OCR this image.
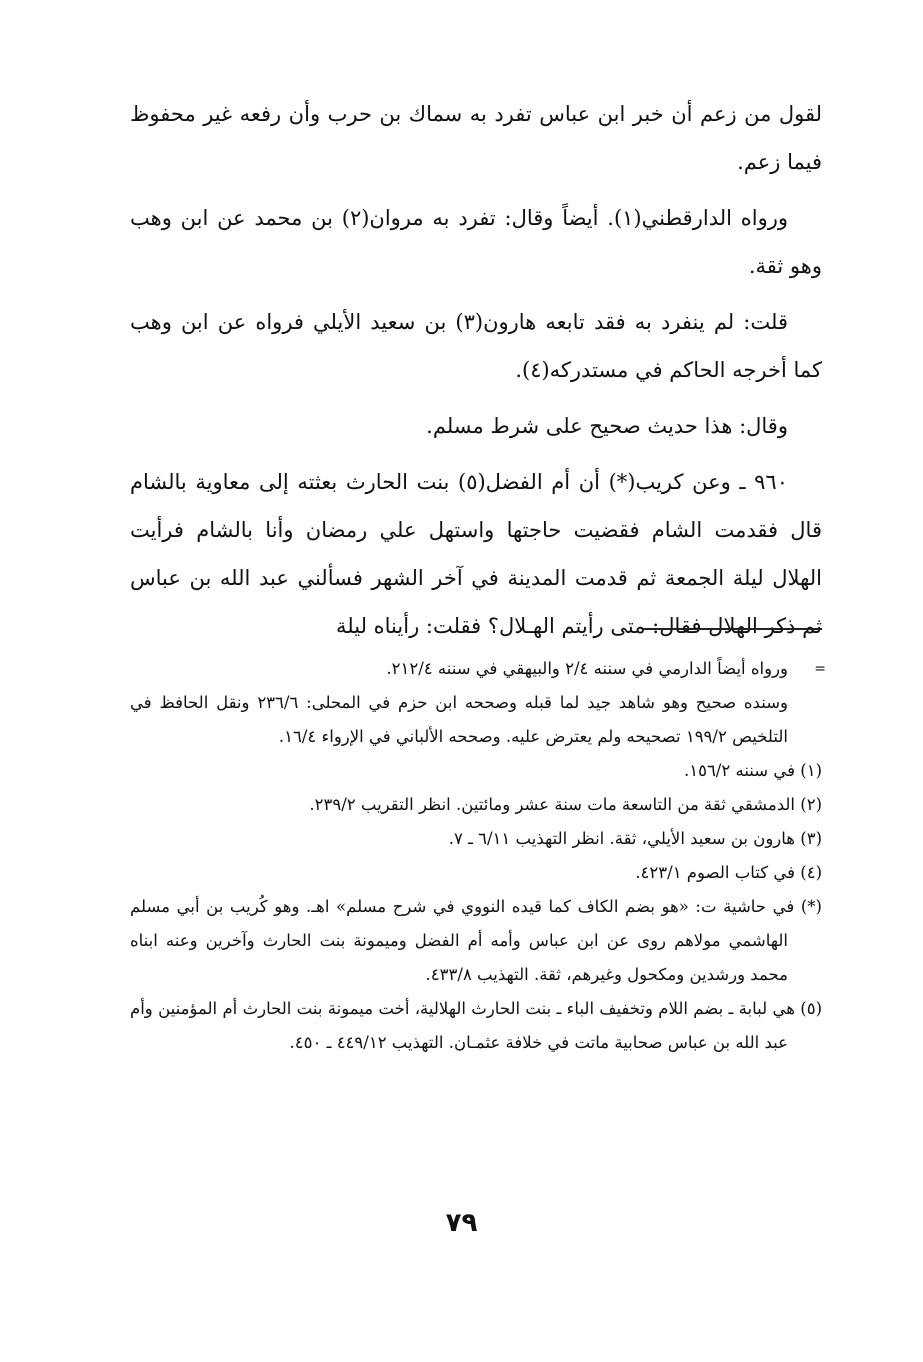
لقول من زعم أن خبر ابن عباس تفرد به سماك بن حرب وأن رفعه غير محفوظ فيما زعم.

ورواه الدارقطني(١). أيضاً وقال: تفرد به مروان(٢) بن محمد عن ابن وهب وهو ثقة.

قلت: لم ينفرد به فقد تابعه هارون(٣) بن سعيد الأيلي فرواه عن ابن وهب كما أخرجه الحاكم في مستدركه(٤).

وقال: هذا حديث صحيح على شرط مسلم.

٩٦٠ ـ وعن كريب(*) أن أم الفضل(٥) بنت الحارث بعثته إلى معاوية بالشام قال فقدمت الشام فقضيت حاجتها واستهل علي رمضان وأنا بالشام فرأيت الهلال ليلة الجمعة ثم قدمت المدينة في آخر الشهر فسألني عبد الله بن عباس ثم ذكر الهلال فقال: متى رأيتم الهـلال؟ فقلت: رأيناه ليلة

= ورواه أيضاً الدارمي في سننه ٢/٤ والبيهقي في سننه ٢١٢/٤.

وسنده صحيح وهو شاهد جيد لما قبله وصححه ابن حزم في المحلى: ٢٣٦/٦ ونقل الحافظ في التلخيص ١٩٩/٢ تصحيحه ولم يعترض عليه. وصححه الألباني في الإرواء ١٦/٤.

(١) في سننه ١٥٦/٢.

(٢) الدمشقي ثقة من التاسعة مات سنة عشر ومائتين. انظر التقريب ٢٣٩/٢.

(٣) هارون بن سعيد الأيلي، ثقة. انظر التهذيب ٦/١١ ـ ٧.

(٤) في كتاب الصوم ٤٢٣/١.

(*) في حاشية ت: «هو بضم الكاف كما قيده النووي في شرح مسلم» اهـ. وهو كُريب بن أبي مسلم الهاشمي مولاهم روى عن ابن عباس وأمه أم الفضل وميمونة بنت الحارث وآخرين وعنه ابناه محمد ورشدين ومكحول وغيرهم، ثقة. التهذيب ٤٣٣/٨.

(٥) هي لبابة ـ بضم اللام وتخفيف الباء ـ بنت الحارث الهلالية، أخت ميمونة بنت الحارث أم المؤمنين وأم عبد الله بن عباس صحابية ماتت في خلافة عثمـان. التهذيب ٤٤٩/١٢ ـ ٤٥٠.

٧٩
